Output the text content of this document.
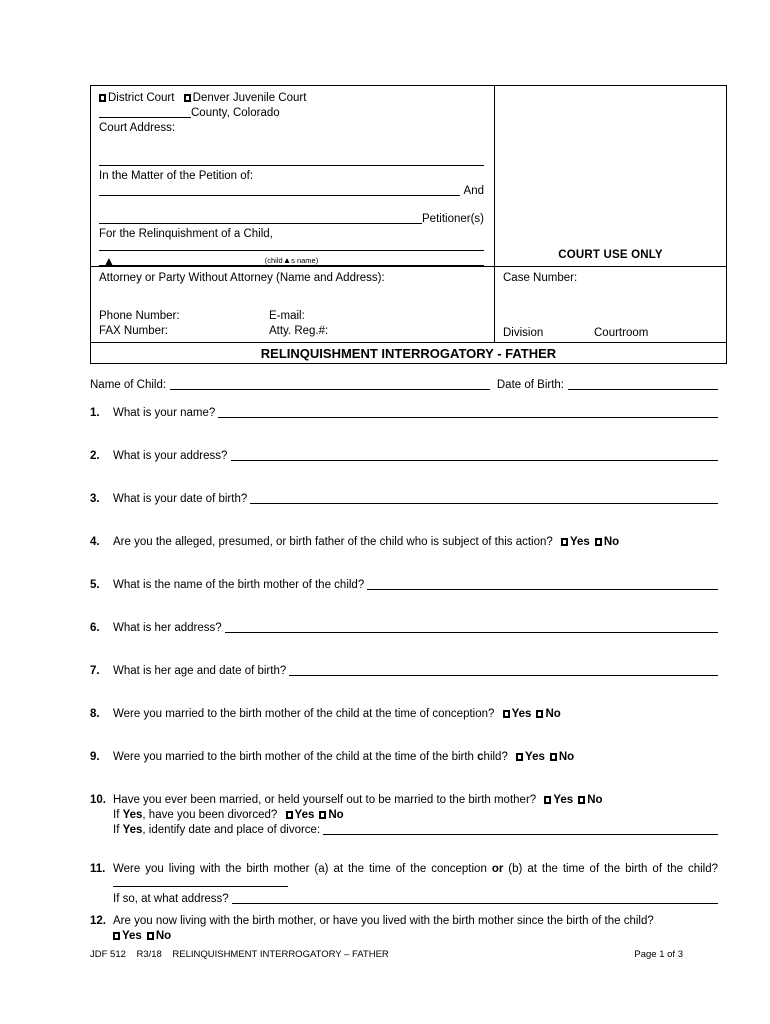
District Court Denver Juvenile Court
County, Colorado
Court Address:
In the Matter of the Petition of:
And
Petitioner(s)
For the Relinquishment of a Child,
▲	(child▲s name)	COURT USE ONLY
Attorney or Party Without Attorney (Name and Address):
Phone Number:	E-mail:
FAX Number:	Atty. Reg.#:
Case Number:
Division	Courtroom
RELINQUISHMENT INTERROGATORY - FATHER
Name of Child:	Date of Birth:
1.	What is your name?
2.	What is your address?
3.	What is your date of birth?
4.	Are you the alleged, presumed, or birth father of the child who is subject of this action? Yes No
5.	What is the name of the birth mother of the child?
6.	What is her address?
7.	What is her age and date of birth?
8.	Were you married to the birth mother of the child at the time of conception? Yes No
9.	Were you married to the birth mother of the child at the time of the birth child? Yes No
10. Have you ever been married, or held yourself out to be married to the birth mother? Yes No
If Yes, have you been divorced? Yes No
If Yes, identify date and place of divorce:
11. Were you living with the birth mother (a) at the time of the conception or (b) at the time of the birth of the child?
If so, at what address?
12. Are you now living with the birth mother, or have you lived with the birth mother since the birth of the child?
Yes No
JDF 512    R3/18    RELINQUISHMENT INTERROGATORY – FATHER	Page 1 of 3
